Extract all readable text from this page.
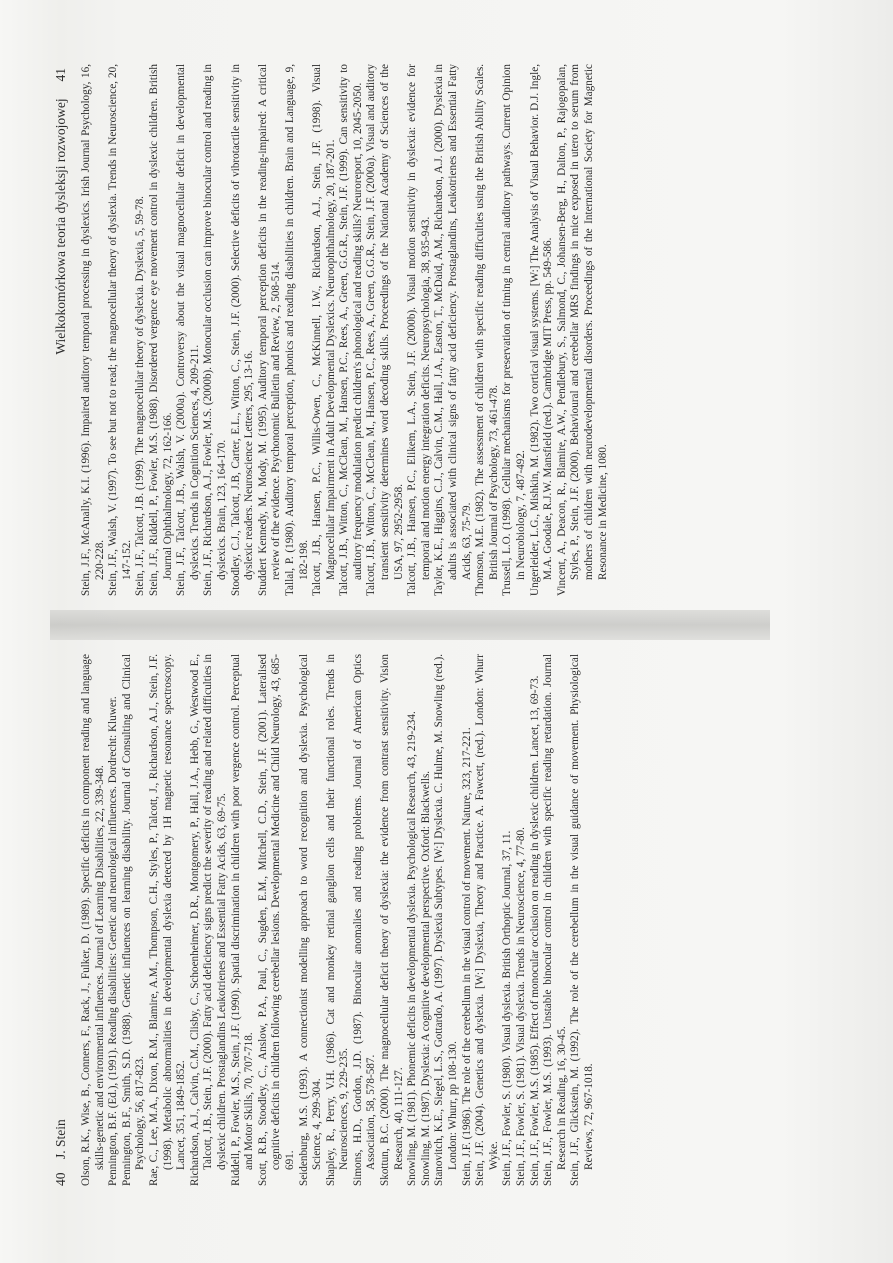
40    J. Stein	Olson, R.K., Wise, B., Conners, F., Rack, J., Fulker, D. (1989). Specific deficits in component reading and language skills-genetic and environmental influences. Journal of Learning Disabilities, 22, 339-348. Pennington, B.F. (Ed.), (1991). Reading disabilities: Genetic and neurological influences. Dordrecht: Kluwer. Pennington, B.F., Smith, S.D. (1988). Genetic influences on learning disability. Journal of Consulting and Clinical Psychology, 56, 817-823. Rae, C., Lee, M.A., Dixon, R.M., Blamire, A.M., Thompson, C.H., Styles, P., Talcott, J., Richardson, A.J., Stein, J.F. (1998). Metabolic abnormalities in developmental dyslexia detected by 1H magnetic resonance spectroscopy. Lancet, 351, 1849-1852. Richardson, A.J., Calvin, C.M., Clisby, C., Schoenheimer, D.R., Montgomery, P., Hall, J.A., Hebb, G., Westwood E., Talcott, J.B., Stein, J.F. (2000). Fatty acid deficiency signs predict the severity of reading and related difficulties in dyslexic children. Prostaglandins Leukotrienes and Essential Fatty Acids, 63, 69-75. Riddell, P., Fowler, M.S., Stein, J.F. (1990). Spatial discrimination in children with poor vergence control. Perceptual and Motor Skills, 70, 707-718. Scott, R.B., Stoodley, C., Anslow, P.A., Paul, C., Sugden, E.M., Mitchell, C.D., Stein, J.F. (2001). Lateralised cognitive deficits in children following cerebellar lesions. Developmental Medicine and Child Neurology, 43, 685-691. Seidenburg, M.S. (1993). A connectionist modelling approach to word recognition and dyslexia. Psychological Science, 4, 299-304. Shapley, R., Perry, V.H. (1986). Cat and monkey retinal ganglion cells and their functional roles. Trends in Neurosciences, 9, 229-235. Simons, H.D., Gordon, J.D. (1987). Binocular anomalies and reading problems. Journal of American Optics Association, 58, 578-587. Skottun, B.C. (2000). The magnocellular deficit theory of dyslexia: the evidence from contrast sensitivity. Vision Research, 40, 111-127. Snowling, M. (1981). Phonemic deficits in developmental dyslexia. Psychological Research, 43, 219-234. Snowling, M. (1987). Dyslexia: A cognitive developmental perspective. Oxford: Blackwells. Stanovitch, K.E., Siegel, L.S., Gottardo, A. (1997). Dyslexia Subtypes. [W:] Dyslexia. C. Hulme, M. Snowling (red.). London: Whurr, pp 108-130. Stein, J.F. (1986). The role of the cerebellum in the visual control of movement. Nature, 323, 217-221. Stein, J.F. (2004). Genetics and dyslexia. [W:] Dyslexia, Theory and Practice. A. Fawcett, (red.). London: Whurr Wyke. Stein, J.F., Fowler, S. (1980). Visual dyslexia. British Orthoptic Journal, 37, 11. Stein, J.F., Fowler, S. (1981). Visual dyslexia. Trends in Neuroscience, 4, 77-80. Stein, J.F., Fowler, M.S. (1985). Effect of monocular occlusion on reading in dyslexic children. Lancet, 13, 69-73. Stein, J.F., Fowler, M.S. (1993). Unstable binocular control in children with specific reading retardation. Journal Research in Reading, 16, 30-45. Stein, J.F., Glickstein, M. (1992). The role of the cerebellum in the visual guidance of movement. Physiological Reviews, 72, 967-1018.

Wielkokomórkowa teoria dysleksji rozwojowej     41	Stein, J.F., McAnally, K.I. (1996). Impaired auditory temporal processing in dyslexics. Irish Journal Psychology, 16, 220-228. Stein, J.F., Walsh, V. (1997). To see but not to read; the magnocellular theory of dyslexia. Trends in Neuroscience, 20, 147-152. Stein, J.F., Talcott, J.B. (1999). The magnocellular theory of dyslexia. Dyslexia, 5, 59-78. Stein, J.F., Riddell, P., Fowler, M.S. (1988). Disordered vergence eye movement control in dyslexic children. British Journal Ophthalmology, 72, 162-166. Stein, J.F., Talcott, J.B., Walsh, V. (2000a). Controversy about the visual magnocellular deficit in developmental dyslexics. Trends in Cognition Sciences, 4, 209-211. Stein, J.F., Richardson, A.J., Fowler, M.S. (2000b). Monocular occlusion can improve binocular control and reading in dyslexics. Brain, 123, 164-170. Stoodley, C.J., Talcott, J.B, Carter, E.L., Witton, C., Stein, J.F. (2000). Selective deficits of vibrotactile sensitivity in dyslexic readers. Neuroscience Letters, 295, 13-16. Studdert Kennedy, M., Mody, M. (1995). Auditory temporal perception deficits in the reading-impaired: A critical review of the evidence. Psychonomic Bulletin and Review, 2, 508-514. Tallal, P. (1980). Auditory temporal perception, phonics and reading disabilities in children. Brain and Language, 9, 182-198. Talcott, J.B., Hansen, P.C., Willis-Owen, C., McKinnell, I.W., Richardson, A.J., Stein, J.F. (1998). Visual Magnocellular Impairment in Adult Developmental Dyslexics. Neuroophthalmology, 20, 187-201. Talcott, J.B., Witton, C., McClean, M., Hansen, P.C., Rees, A., Green, G.G.R., Stein, J.F. (1999). Can sensitivity to auditory frequency modulation predict children's phonological and reading skills? Neuroreport, 10, 2045-2050. Talcott, J.B., Witton, C., McClean, M., Hansen, P.C., Rees, A., Green, G.G.R., Stein, J.F. (2000a). Visual and auditory transient sensitivity determines word decoding skills. Proceedings of the National Academy of Sciences of the USA, 97, 2952-2958. Talcott, J.B., Hansen, P.C., Elikem, L.A., Stein, J.F. (2000b). Visual motion sensitivity in dyslexia: evidence for temporal and motion energy integration deficits. Neuropsychologia, 38, 935-943. Taylor, K.E., Higgins, C.J., Calvin, C.M., Hall, J.A., Easton, T., McDaid, A.M., Richardson, A.J. (2000). Dyslexia in adults is associated with clinical signs of fatty acid deficiency. Prostaglandins, Leukotrienes and Essential Fatty Acids, 63, 75-79. Thomson, M.E. (1982). The assessment of children with specific reading difficulties using the British Ability Scales. British Journal of Psychology, 73, 461-478. Trussell, L.O. (1998). Cellular mechanisms for preservation of timing in central auditory pathways. Current Opinion in Neurobiology, 7, 487-492. Ungerleider, L.G., Mishkin, M. (1982). Two cortical visual systems. [W:] The Analysis of Visual Behavior. D.J. Ingle, M.A. Goodale, R.J.W. Mansfield (red.). Cambridge MIT Press, pp. 549-586. Vincent, A., Deacon, R., Blamire, A.W., Pendlebury, S., Salmond, C., Johansen-Berg, H., Dalton, P., Rajogopalan, Styles, P., Stein, J.F. (2000). Behavioural and cerebellar MRS findings in mice exposed in utero to serum from mothers of children with neurodevelopmental disorders. Proceedings of the International Society for Magnetic Resonance in Medicine, 1080.
